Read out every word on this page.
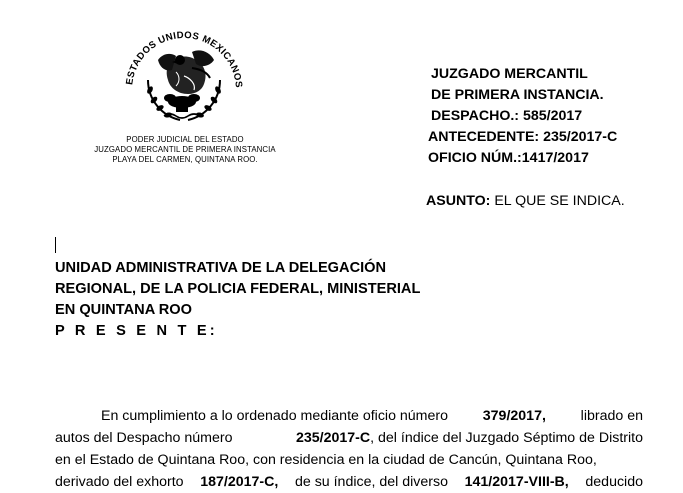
ESTADOS UNIDOS MEXICANOS
PODER JUDICIAL DEL ESTADO
JUZGADO MERCANTIL DE PRIMERA INSTANCIA
PLAYA DEL CARMEN, QUINTANA ROO.
JUZGADO MERCANTIL
DE PRIMERA INSTANCIA.
DESPACHO.: 585/2017
ANTECEDENTE: 235/2017-C
OFICIO NÚM.:1417/2017
ASUNTO: EL QUE SE INDICA.
UNIDAD ADMINISTRATIVA DE LA DELEGACIÓN
REGIONAL, DE LA POLICIA FEDERAL, MINISTERIAL
EN QUINTANA ROO
P R E S E N T E:
En cumplimiento a lo ordenado mediante oficio número 379/2017, librado en
autos del Despacho número	235/2017-C, del índice del Juzgado Séptimo de Distrito
en el Estado de Quintana Roo, con residencia en la ciudad de Cancún, Quintana Roo,
derivado del exhorto 187/2017-C, de su índice, del diverso 141/2017-VIII-B, deducido
